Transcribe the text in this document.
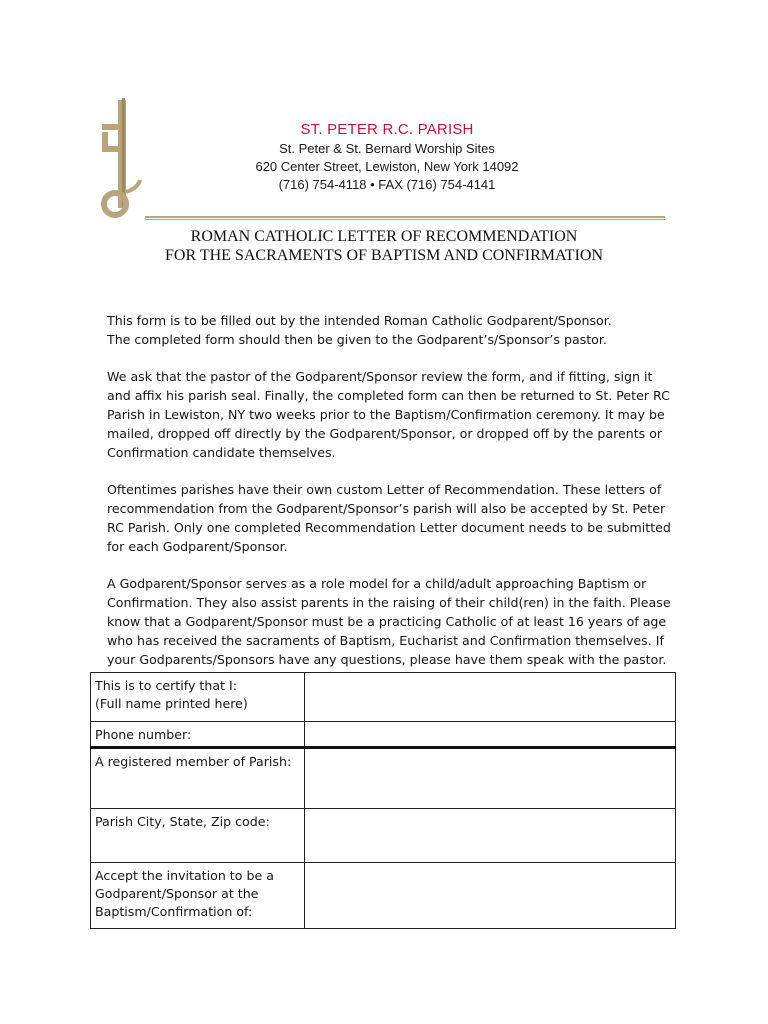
ST. PETER R.C. PARISH
St. Peter & St. Bernard Worship Sites
620 Center Street, Lewiston, New York 14092
(716) 754-4118 • FAX (716) 754-4141
ROMAN CATHOLIC LETTER OF RECOMMENDATION
FOR THE SACRAMENTS OF BAPTISM AND CONFIRMATION

This form is to be filled out by the intended Roman Catholic Godparent/Sponsor.
The completed form should then be given to the Godparent’s/Sponsor’s pastor.

We ask that the pastor of the Godparent/Sponsor review the form, and if fitting, sign it and affix his parish seal. Finally, the completed form can then be returned to St. Peter RC Parish in Lewiston, NY two weeks prior to the Baptism/Confirmation ceremony. It may be mailed, dropped off directly by the Godparent/Sponsor, or dropped off by the parents or Confirmation candidate themselves.

Oftentimes parishes have their own custom Letter of Recommendation. These letters of recommendation from the Godparent/Sponsor’s parish will also be accepted by St. Peter RC Parish. Only one completed Recommendation Letter document needs to be submitted for each Godparent/Sponsor.

A Godparent/Sponsor serves as a role model for a child/adult approaching Baptism or Confirmation. They also assist parents in the raising of their child(ren) in the faith. Please know that a Godparent/Sponsor must be a practicing Catholic of at least 16 years of age who has received the sacraments of Baptism, Eucharist and Confirmation themselves. If your Godparents/Sponsors have any questions, please have them speak with the pastor.

This is to certify that I:
(Full name printed here)	
Phone number:	
A registered member of Parish:	
Parish City, State, Zip code:	
Accept the invitation to be a
Godparent/Sponsor at the
Baptism/Confirmation of:	
